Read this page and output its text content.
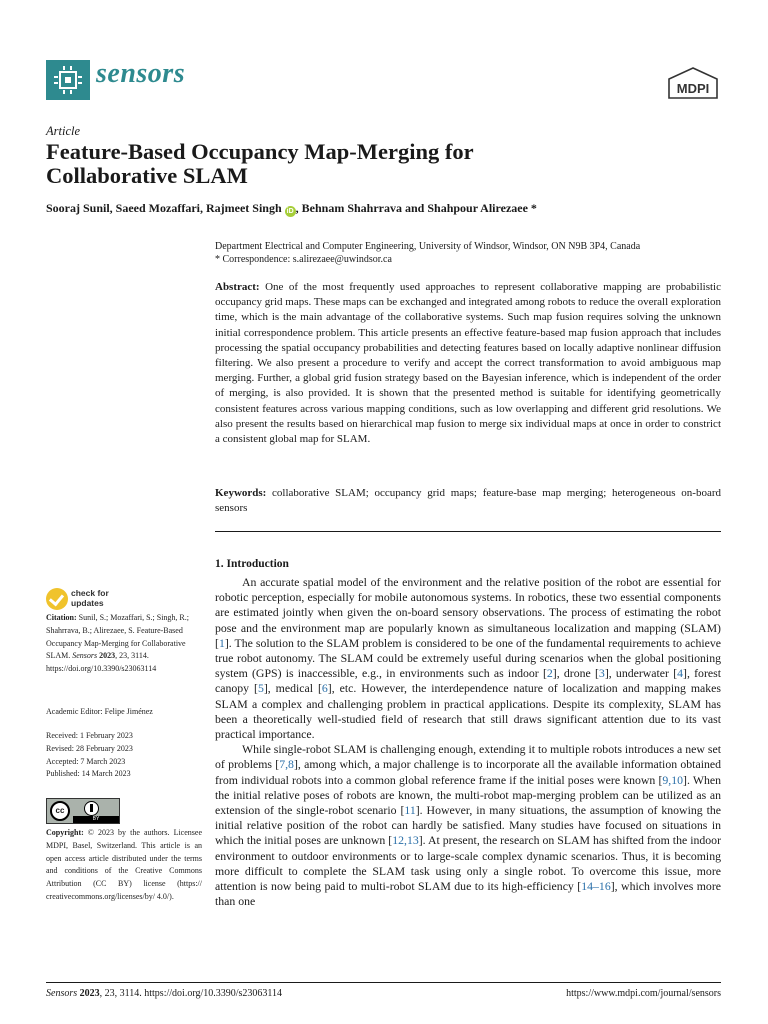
sensors	MDPI
Article
Feature-Based Occupancy Map-Merging for
Collaborative SLAM
Sooraj Sunil, Saeed Mozaffari, Rajmeet Singh iD , Behnam Shahrrava and Shahpour Alirezaee *
Department Electrical and Computer Engineering, University of Windsor, Windsor, ON N9B 3P4, Canada
* Correspondence: s.alirezaee@uwindsor.ca
Abstract: One of the most frequently used approaches to represent collaborative mapping are probabilistic occupancy grid maps. These maps can be exchanged and integrated among robots to reduce the overall exploration time, which is the main advantage of the collaborative systems. Such map fusion requires solving the unknown initial correspondence problem. This article presents an effective feature-based map fusion approach that includes processing the spatial occupancy probabilities and detecting features based on locally adaptive nonlinear diffusion filtering. We also present a procedure to verify and accept the correct transformation to avoid ambiguous map merging. Further, a global grid fusion strategy based on the Bayesian inference, which is independent of the order of merging, is also provided. It is shown that the presented method is suitable for identifying geometrically consistent features across various mapping conditions, such as low overlapping and different grid resolutions. We also present the results based on hierarchical map fusion to merge six individual maps at once in order to constrict a consistent global map for SLAM.
Keywords: collaborative SLAM; occupancy grid maps; feature-base map merging; heterogeneous on-board sensors
1. Introduction

An accurate spatial model of the environment and the relative position of the robot are essential for robotic perception, especially for mobile autonomous systems. In robotics, these two essential components are estimated jointly when given the on-board sensory observations. The process of estimating the robot pose and the environment map are popularly known as simultaneous localization and mapping (SLAM) [1]. The solution to the SLAM problem is considered to be one of the fundamental requirements to achieve true robot autonomy. The SLAM could be extremely useful during scenarios when the global positioning system (GPS) is inaccessible, e.g., in environments such as indoor [2], drone [3], underwater [4], forest canopy [5], medical [6], etc. However, the interdependence nature of localization and mapping makes SLAM a complex and challenging problem in practical applications. Despite its complexity, SLAM has been a theoretically well-studied field of research that still draws significant attention due to its vast practical importance.

While single-robot SLAM is challenging enough, extending it to multiple robots introduces a new set of problems [7,8], among which, a major challenge is to incorporate all the available information obtained from individual robots into a common global reference frame if the initial poses were known [9,10]. When the initial relative poses of robots are known, the multi-robot map-merging problem can be utilized as an extension of the single-robot scenario [11]. However, in many situations, the assumption of knowing the initial relative position of the robot can hardly be satisfied. Many studies have focused on situations in which the initial poses are unknown [12,13]. At present, the research on SLAM has shifted from the indoor environment to outdoor environments or to large-scale complex dynamic scenarios. Thus, it is becoming more difficult to complete the SLAM task using only a single robot. To overcome this issue, more attention is now being paid to multi-robot SLAM due to its high-efficiency [14–16], which involves more than one

check for
updates
Citation: Sunil, S.; Mozaffari, S.; Singh, R.; Shahrrava, B.; Alirezaee, S. Feature-Based Occupancy Map-Merging for Collaborative SLAM. Sensors 2023, 23, 3114. https://doi.org/10.3390/s23063114
Academic Editor: Felipe Jiménez
Received: 1 February 2023
Revised: 28 February 2023
Accepted: 7 March 2023
Published: 14 March 2023
cc
BY
Copyright: © 2023 by the authors. Licensee MDPI, Basel, Switzerland. This article is an open access article distributed under the terms and conditions of the Creative Commons Attribution (CC BY) license (https:// creativecommons.org/licenses/by/ 4.0/).
Sensors 2023, 23, 3114. https://doi.org/10.3390/s23063114	https://www.mdpi.com/journal/sensors
